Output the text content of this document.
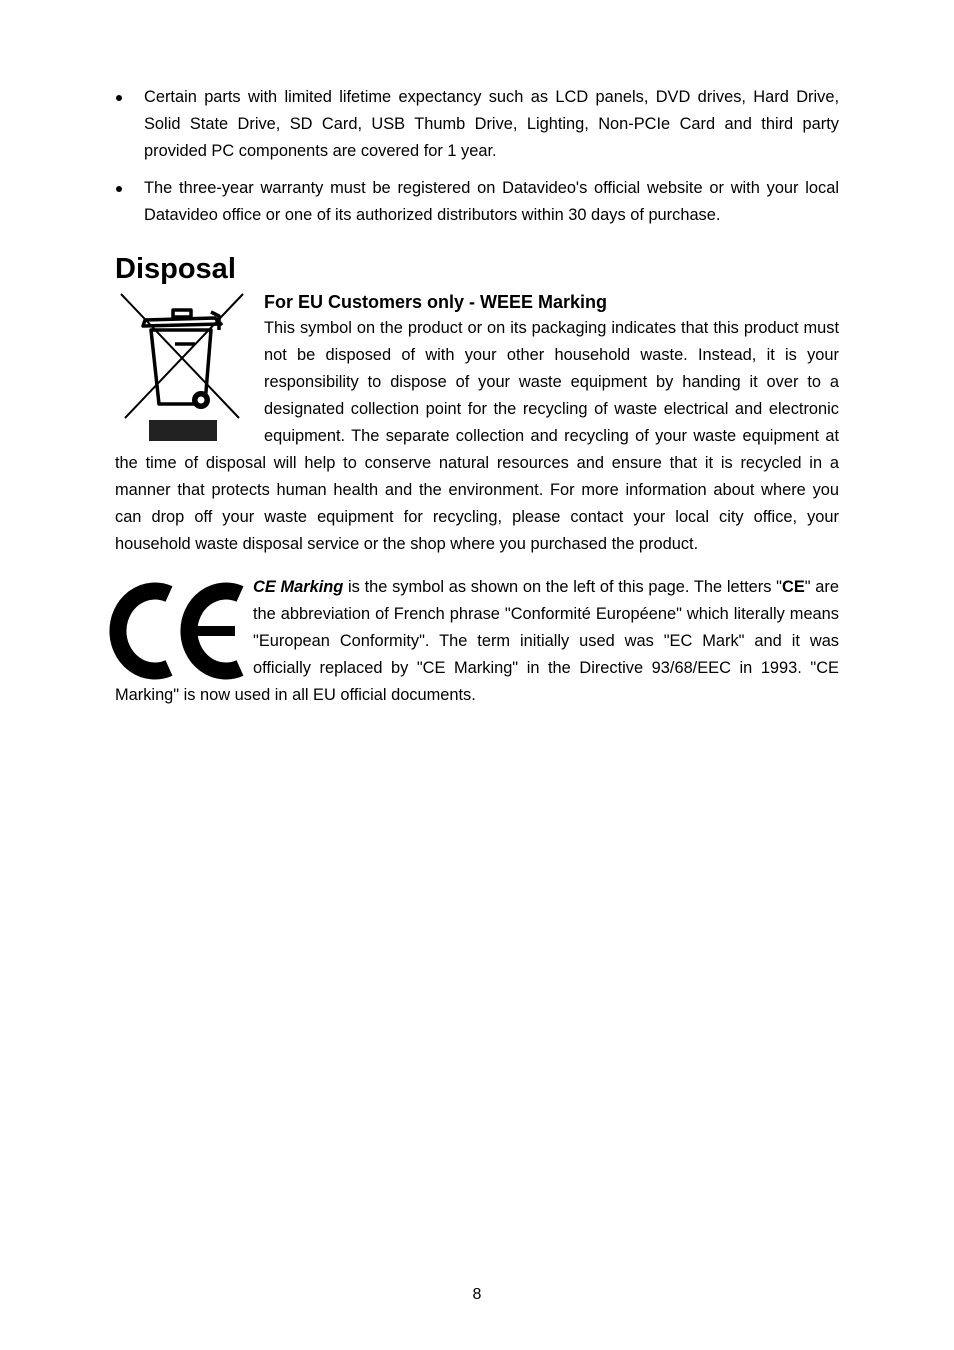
Certain parts with limited lifetime expectancy such as LCD panels, DVD drives, Hard Drive, Solid State Drive, SD Card, USB Thumb Drive, Lighting, Non-PCIe Card and third party provided PC components are covered for 1 year.
The three-year warranty must be registered on Datavideo's official website or with your local Datavideo office or one of its authorized distributors within 30 days of purchase.
Disposal
For EU Customers only - WEEE Marking

This symbol on the product or on its packaging indicates that this product must not be disposed of with your other household waste. Instead, it is your responsibility to dispose of your waste equipment by handing it over to a designated collection point for the recycling of waste electrical and electronic equipment. The separate collection and recycling of your waste equipment at the time of disposal will help to conserve natural resources and ensure that it is recycled in a manner that protects human health and the environment. For more information about where you can drop off your waste equipment for recycling, please contact your local city office, your household waste disposal service or the shop where you purchased the product.

CE Marking is the symbol as shown on the left of this page. The letters "CE" are the abbreviation of French phrase "Conformité Européene" which literally means "European Conformity". The term initially used was "EC Mark" and it was officially replaced by "CE Marking" in the Directive 93/68/EEC in 1993. "CE Marking" is now used in all EU official documents.

8
